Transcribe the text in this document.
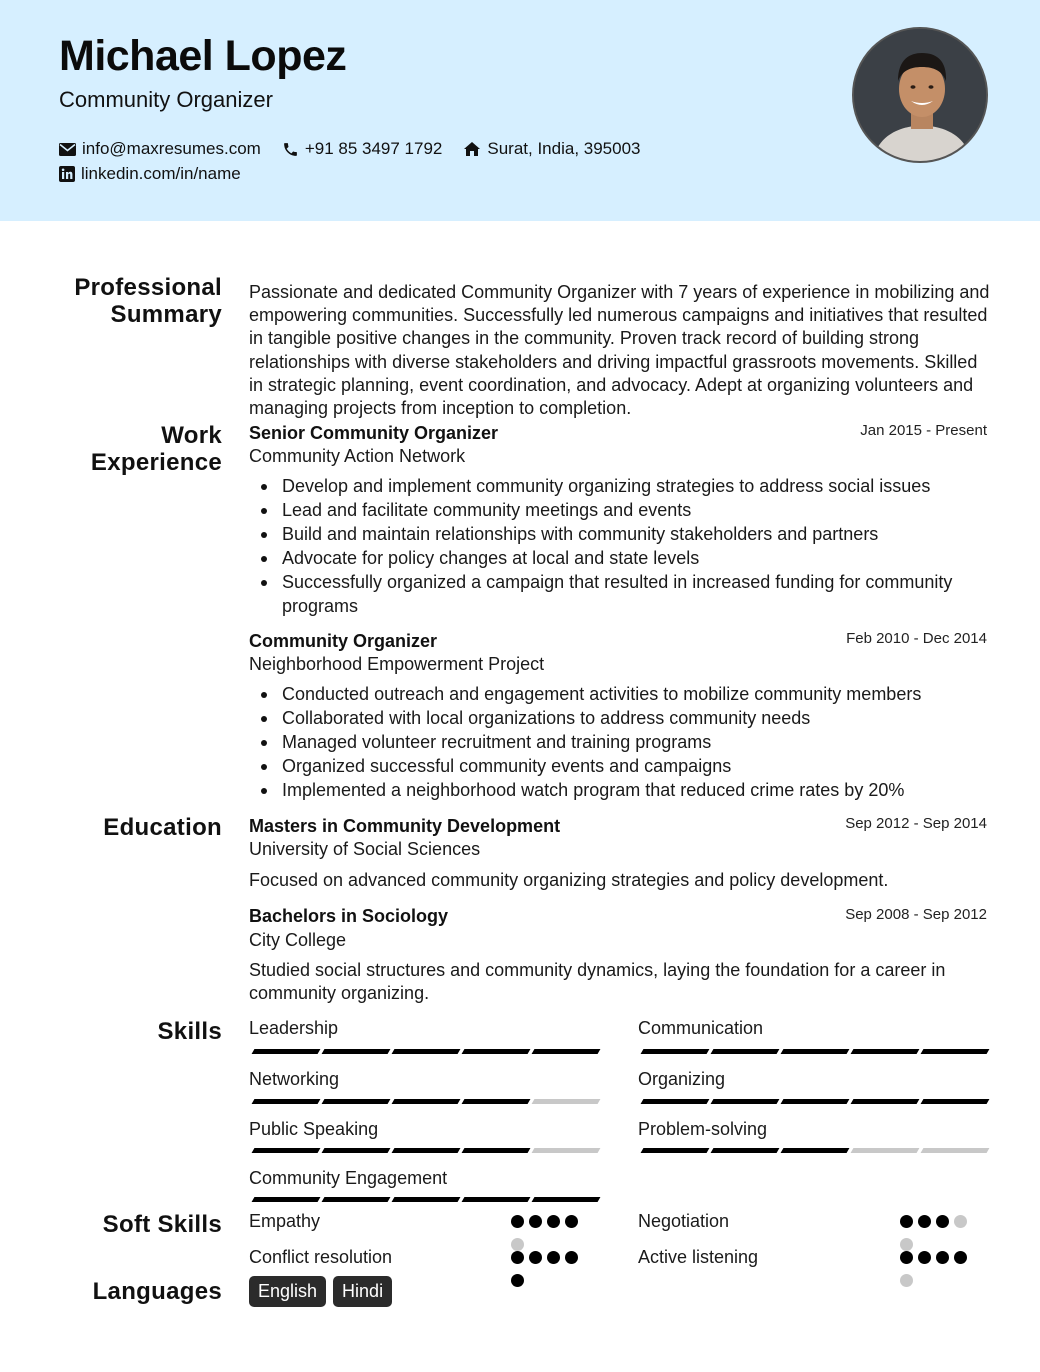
Michael Lopez
Community Organizer
info@maxresumes.com	+91 85 3497 1792	Surat, India, 395003
linkedin.com/in/name
Professional
Summary
Passionate and dedicated Community Organizer with 7 years of experience in mobilizing and empowering communities. Successfully led numerous campaigns and initiatives that resulted in tangible positive changes in the community. Proven track record of building strong relationships with diverse stakeholders and driving impactful grassroots movements. Skilled in strategic planning, event coordination, and advocacy. Adept at organizing volunteers and managing projects from inception to completion.
Work
Experience
Senior Community Organizer	Jan 2015 - Present
Community Action Network
Develop and implement community organizing strategies to address social issues
Lead and facilitate community meetings and events
Build and maintain relationships with community stakeholders and partners
Advocate for policy changes at local and state levels
Successfully organized a campaign that resulted in increased funding for community programs
Community Organizer	Feb 2010 - Dec 2014
Neighborhood Empowerment Project
Conducted outreach and engagement activities to mobilize community members
Collaborated with local organizations to address community needs
Managed volunteer recruitment and training programs
Organized successful community events and campaigns
Implemented a neighborhood watch program that reduced crime rates by 20%
Education Masters in Community Development	Sep 2012 - Sep 2014
University of Social Sciences
Focused on advanced community organizing strategies and policy development.
Bachelors in Sociology	Sep 2008 - Sep 2012
City College
Studied social structures and community dynamics, laying the foundation for a career in community organizing.
Skills Leadership	Communication
Networking	Organizing
Public Speaking	Problem-solving
Community Engagement
Soft Skills Empathy	Negotiation
Conflict resolution	Active listening
Languages	English	Hindi
